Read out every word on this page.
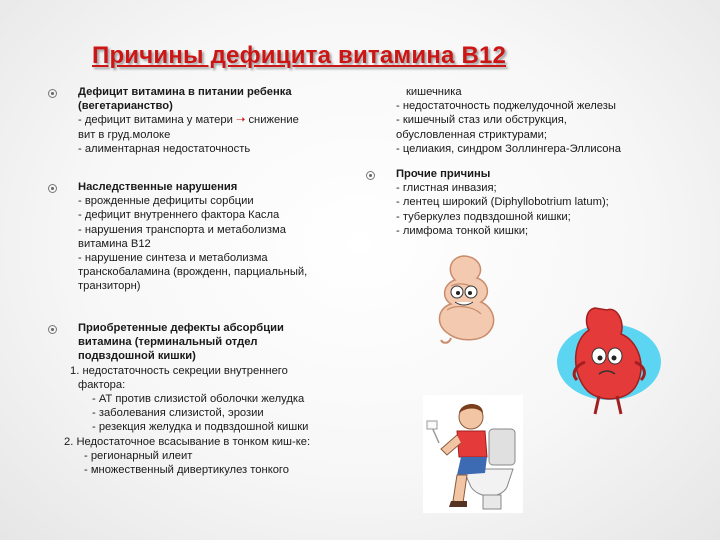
Причины дефицита витамина В12
Дефицит витамина в питании ребенка
(вегетарианство)
- дефицит витамина у матери ➝ снижение
вит в груд.молоке
- алиментарная недостаточность
Наследственные нарушения
- врожденные дефициты сорбции
- дефицит внутреннего фактора Касла
- нарушения транспорта и метаболизма
витамина В12
- нарушение синтеза и метаболизма
транскобаламина (врожденн, парциальный,
транзиторн)
Приобретенные дефекты абсорбции
витамина (терминальный отдел
подвздошной кишки)
1. недостаточность секреции внутреннего
фактора:
- АТ против слизистой оболочки желудка
- заболевания слизистой, эрозии
- резекция желудка и подвздошной кишки
2. Недостаточное всасывание в тонком киш-ке:
- регионарный илеит
- множественный дивертикулез тонкого
кишечника
- недостаточность поджелудочной железы
- кишечный стаз или обструкция,
обусловленная стриктурами;
- целиакия, синдром Золлингера-Эллисона
Прочие причины
- глистная инвазия;
- лентец широкий (Diphyllobotrium latum);
- туберкулез подвздошной кишки;
- лимфома тонкой кишки;
